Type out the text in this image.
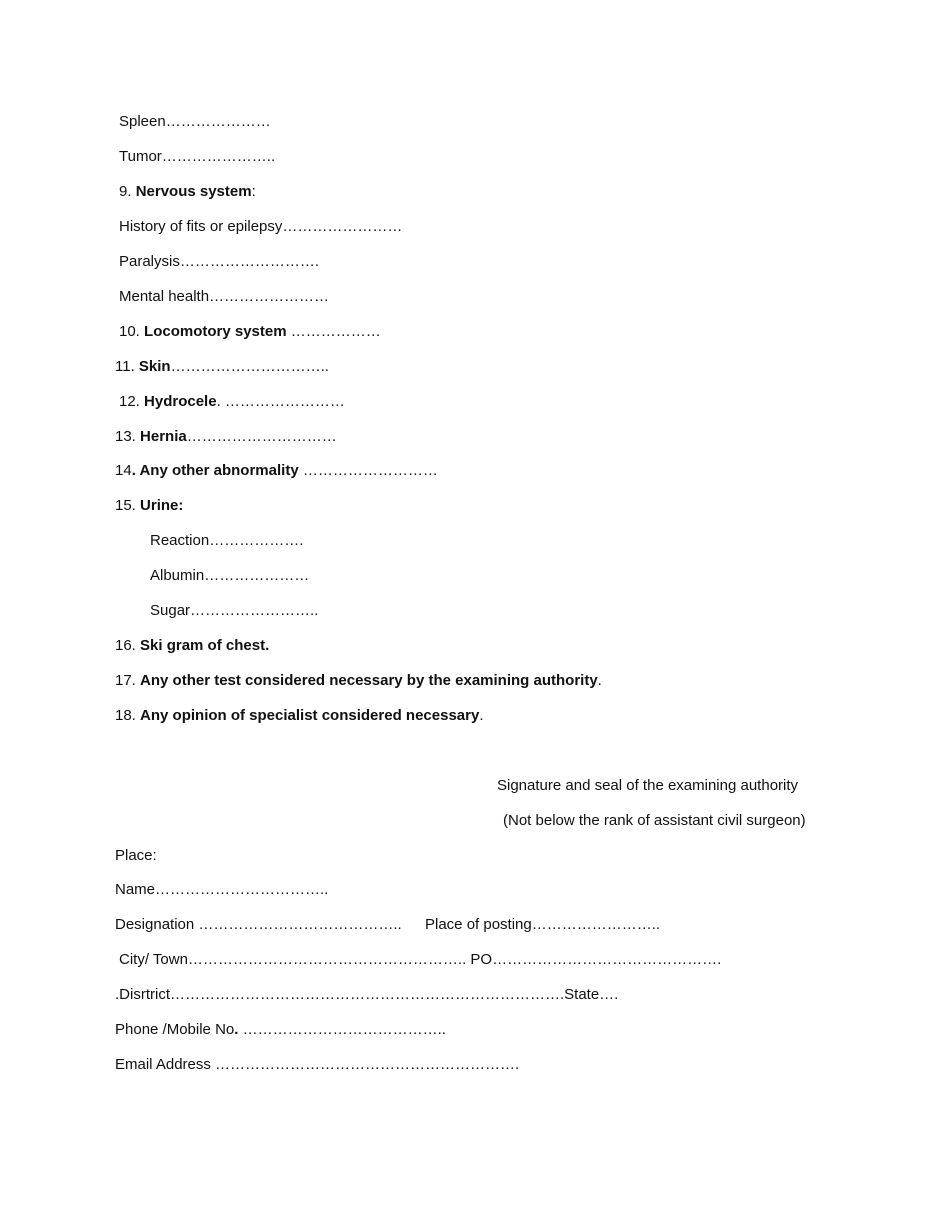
Spleen…………………
Tumor…………………..
9. Nervous system:
History of fits or epilepsy……………………
Paralysis……………………….
Mental health……………………
10. Locomotory system ………………
11. Skin…………………………..
12. Hydrocele. ……………………
13. Hernia…………………………
14. Any other abnormality ………………………
15. Urine:
Reaction……………….
Albumin…………………
Sugar……………………..
16. Ski gram of chest.
17. Any other test considered necessary by the examining authority.
18. Any opinion of specialist considered necessary.
Signature and seal of the examining authority
(Not below the rank of assistant civil surgeon)
Place:
Name……………………………..
Designation ………………………………….. Place of posting……………………..
City/ Town……………………………………………….. PO……………………………………….
.Disrtrict…………………………………………………………………….State….
Phone /Mobile No. …………………………………..
Email Address …………………………………………………….
